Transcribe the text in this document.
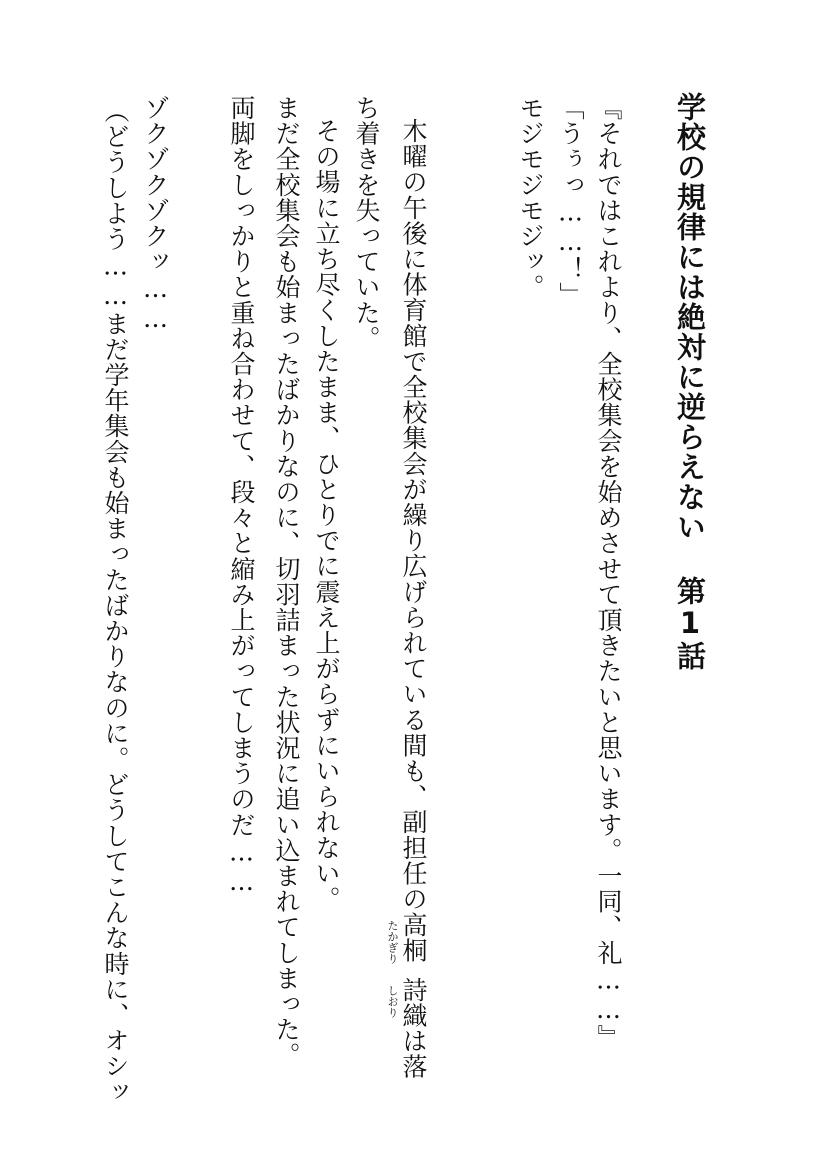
学校の規律には絶対に逆らえない第1話
『それではこれより、全校集会を始めさせて頂きたいと思います。一同、礼……』
「うぅっ……！」
モジモジモジッ。
木曜の午後に体育館で全校集会が繰り広げられている間も、副担任の高桐
たかぎり
詩織
しおり
は落
ち着きを失っていた。
その場に立ち尽くしたまま、ひとりでに震え上がらずにいられない。
まだ全校集会も始まったばかりなのに、切羽詰まった状況に追い込まれてしまった。
両脚をしっかりと重ね合わせて、段々と縮み上がってしまうのだ……
ゾクゾクゾクッ……
（どうしよう……まだ学年集会も始まったばかりなのに。どうしてこんな時に、オシッ
